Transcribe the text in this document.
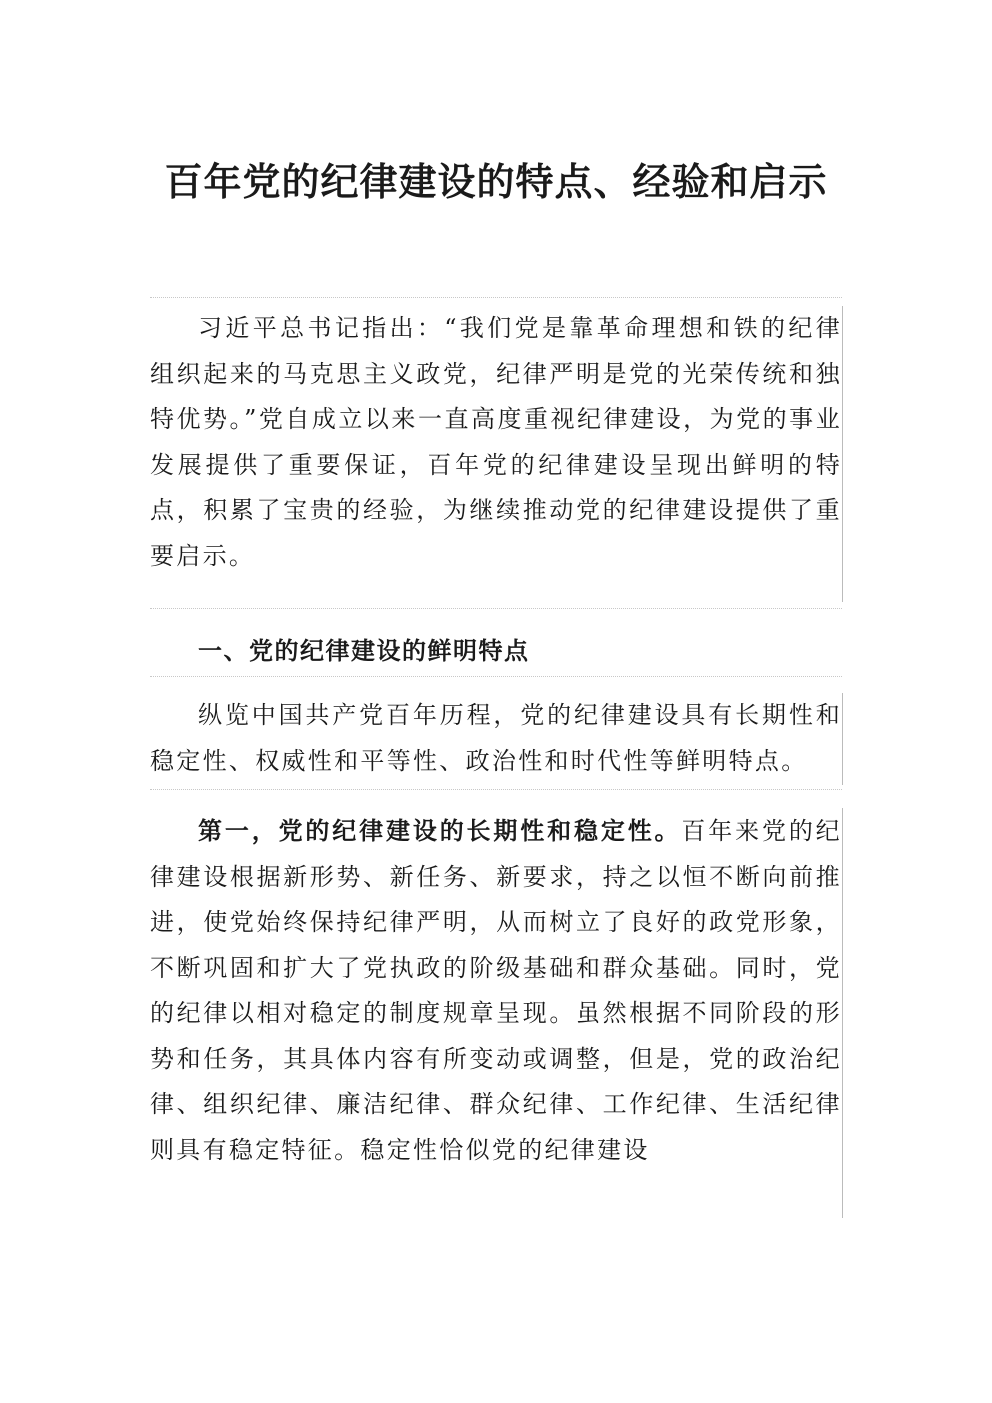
百年党的纪律建设的特点、经验和启示

习近平总书记指出：“我们党是靠革命理想和铁的纪律组织起来的马克思主义政党，纪律严明是党的光荣传统和独特优势。”党自成立以来一直高度重视纪律建设，为党的事业发展提供了重要保证，百年党的纪律建设呈现出鲜明的特点，积累了宝贵的经验，为继续推动党的纪律建设提供了重要启示。

一、党的纪律建设的鲜明特点

纵览中国共产党百年历程，党的纪律建设具有长期性和稳定性、权威性和平等性、政治性和时代性等鲜明特点。

第一，党的纪律建设的长期性和稳定性。百年来党的纪律建设根据新形势、新任务、新要求，持之以恒不断向前推进，使党始终保持纪律严明，从而树立了良好的政党形象，不断巩固和扩大了党执政的阶级基础和群众基础。同时，党的纪律以相对稳定的制度规章呈现。虽然根据不同阶段的形势和任务，其具体内容有所变动或调整，但是，党的政治纪律、组织纪律、廉洁纪律、群众纪律、工作纪律、生活纪律则具有稳定特征。稳定性恰似党的纪律建设
